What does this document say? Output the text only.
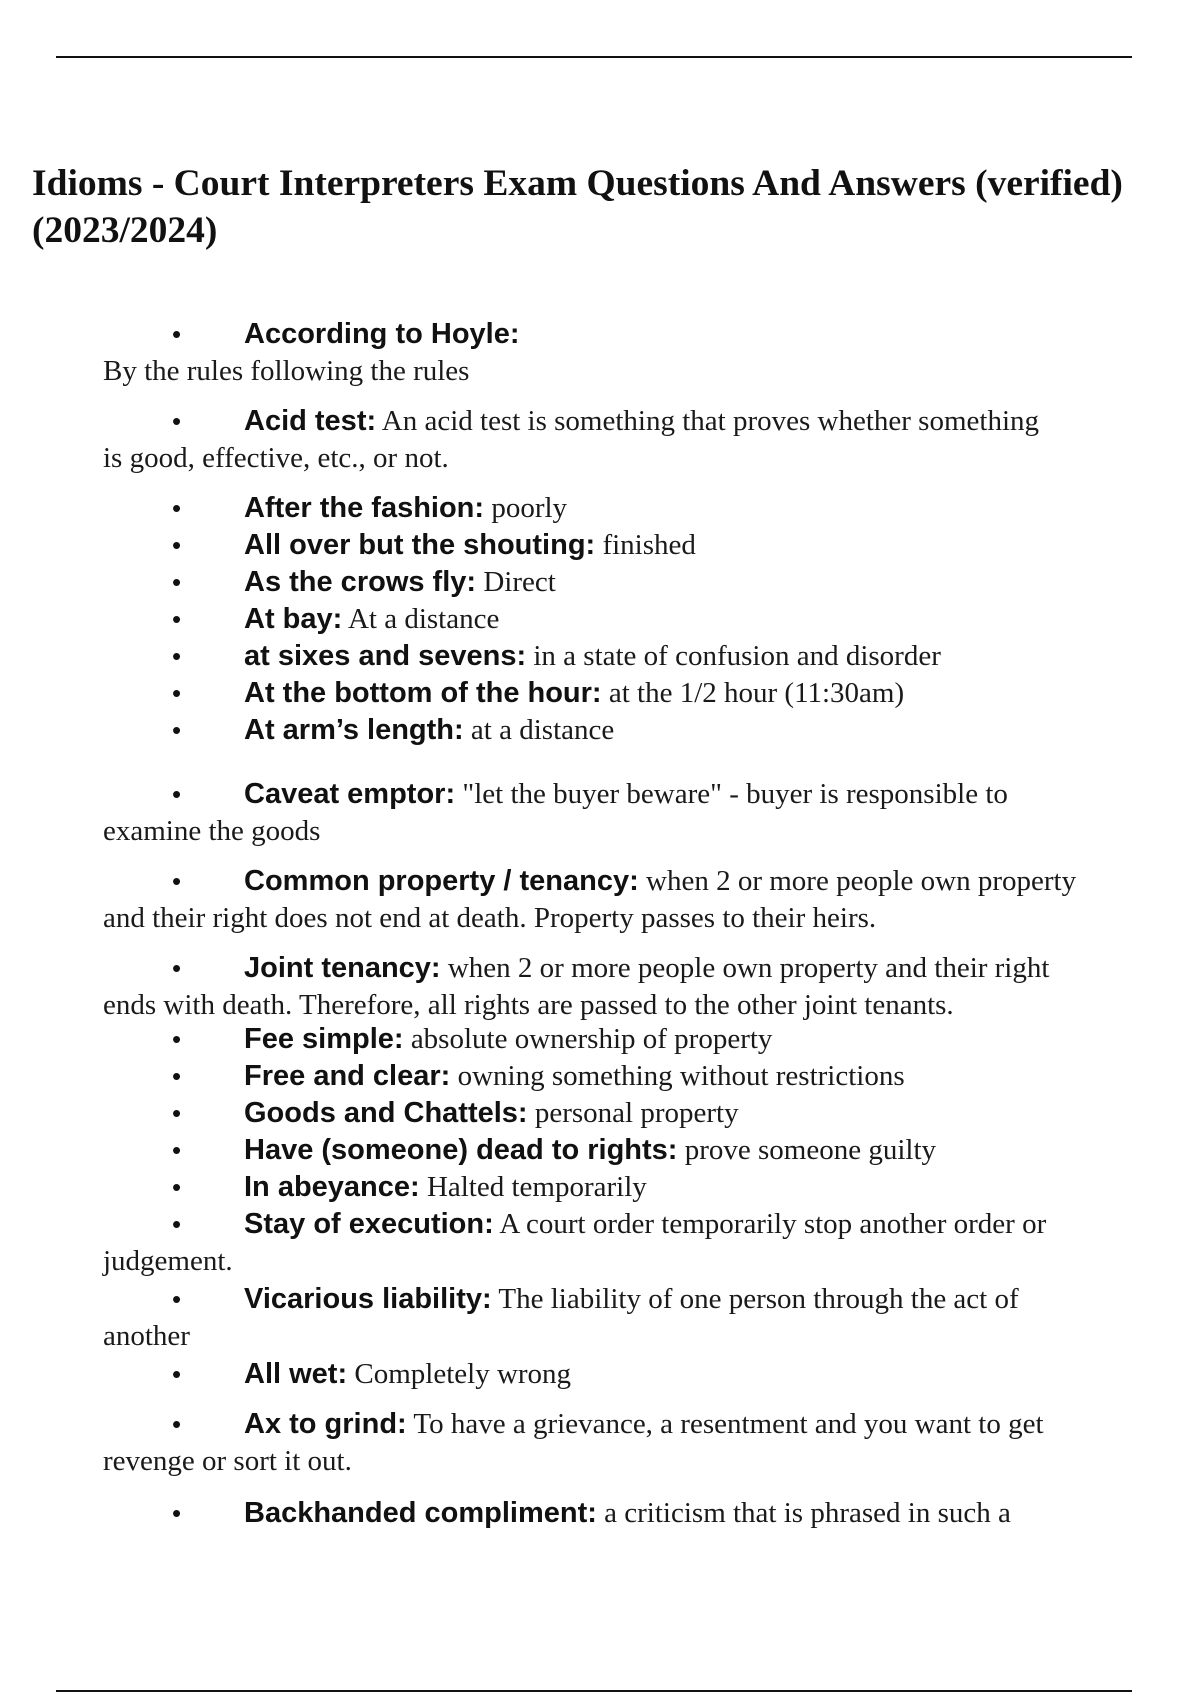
Idioms - Court Interpreters Exam Questions And Answers (verified)
(2023/2024)
• According to Hoyle:
By the rules following the rules
• Acid test: An acid test is something that proves whether something
is good, effective, etc., or not.
• After the fashion: poorly
• All over but the shouting: finished
• As the crows fly: Direct
• At bay: At a distance
• at sixes and sevens: in a state of confusion and disorder
• At the bottom of the hour: at the 1/2 hour (11:30am)
• At arm’s length: at a distance
• Caveat emptor: "let the buyer beware" - buyer is responsible to
examine the goods
• Common property / tenancy: when 2 or more people own property
and their right does not end at death. Property passes to their heirs.
• Joint tenancy: when 2 or more people own property and their right
ends with death. Therefore, all rights are passed to the other joint tenants.
• Fee simple: absolute ownership of property
• Free and clear: owning something without restrictions
• Goods and Chattels: personal property
• Have (someone) dead to rights: prove someone guilty
• In abeyance: Halted temporarily
• Stay of execution: A court order temporarily stop another order or
judgement.
• Vicarious liability: The liability of one person through the act of
another
• All wet: Completely wrong
• Ax to grind: To have a grievance, a resentment and you want to get
revenge or sort it out.
• Backhanded compliment: a criticism that is phrased in such a
